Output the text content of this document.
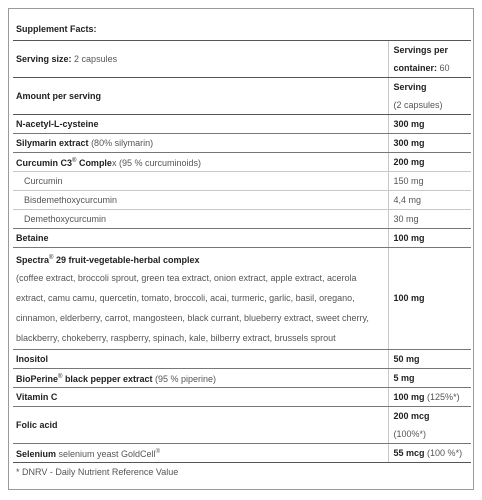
Supplement Facts:	
Serving size: 2 capsules	Servings per
container: 60
Amount per serving	Serving
(2 capsules)
N-acetyl-L-cysteine	300 mg
Silymarin extract (80% silymarin)	300 mg
Curcumin C3® Complex (95 % curcuminoids)	200 mg
Curcumin	150 mg
Bisdemethoxycurcumin	4,4 mg
Demethoxycurcumin	30 mg
Betaine	100 mg

Spectra® 29 fruit-vegetable-herbal complex
(coffee extract, broccoli sprout, green tea extract, onion extract, apple extract, acerola
extract, camu camu, quercetin, tomato, broccoli, acai, turmeric, garlic, basil, oregano,
cinnamon, elderberry, carrot, mangosteen, black currant, blueberry extract, sweet cherry,
blackberry, chokeberry, raspberry, spinach, kale, bilberry extract, brussels sprout	100 mg
Inositol	50 mg
BioPerine® black pepper extract (95 % piperine)	5 mg
Vitamin C	100 mg (125%*)
Folic acid	200 mcg
(100%*)
Selenium selenium yeast GoldCell®	55 mcg (100 %*)
* DNRV - Daily Nutrient Reference Value	
